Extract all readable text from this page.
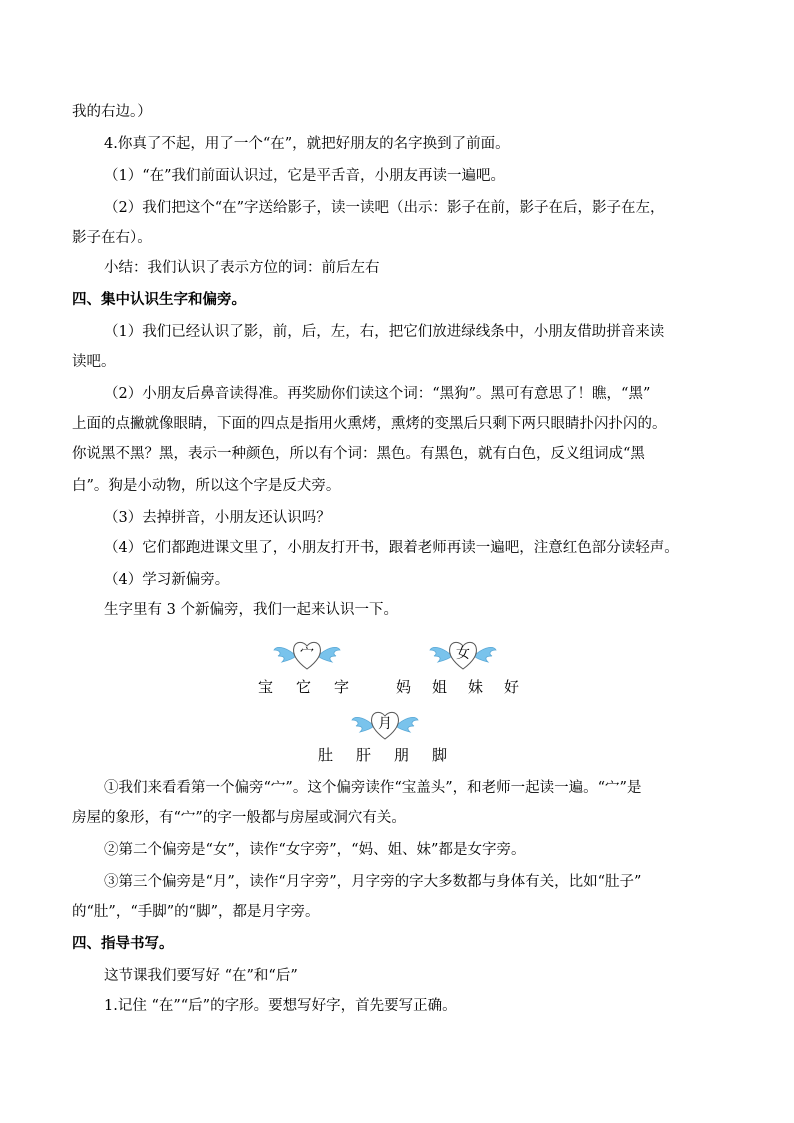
我的右边。）
4.你真了不起，用了一个“在”，就把好朋友的名字换到了前面。
（1）“在”我们前面认识过，它是平舌音，小朋友再读一遍吧。
（2）我们把这个“在”字送给影子，读一读吧（出示：影子在前，影子在后，影子在左，
影子在右）。
小结：我们认识了表示方位的词：前后左右
四、集中认识生字和偏旁。
（1）我们已经认识了影，前，后，左，右，把它们放进绿线条中，小朋友借助拼音来读
读吧。
（2）小朋友后鼻音读得准。再奖励你们读这个词：“黑狗”。黑可有意思了！瞧，“黑”
上面的点撇就像眼睛，下面的四点是指用火熏烤，熏烤的变黑后只剩下两只眼睛扑闪扑闪的。
你说黑不黑？黑，表示一种颜色，所以有个词：黑色。有黑色，就有白色，反义组词成“黑
白”。狗是小动物，所以这个字是反犬旁。
（3）去掉拼音，小朋友还认识吗？
（4）它们都跑进课文里了，小朋友打开书，跟着老师再读一遍吧，注意红色部分读轻声。
（4）学习新偏旁。
生字里有 3 个新偏旁，我们一起来认识一下。
宀	女
宝 它 字	妈 姐 妹 好
月
肚 肝 朋 脚
①我们来看看第一个偏旁“宀”。这个偏旁读作“宝盖头”，和老师一起读一遍。“宀”是
房屋的象形，有“宀”的字一般都与房屋或洞穴有关。
②第二个偏旁是“女”，读作“女字旁”，“妈、姐、妹”都是女字旁。
③第三个偏旁是“月”，读作“月字旁”，月字旁的字大多数都与身体有关，比如“肚子”
的“肚”，“手脚”的“脚”，都是月字旁。
四、指导书写。
这节课我们要写好 “在”和“后”
1.记住 “在”“后”的字形。要想写好字，首先要写正确。
